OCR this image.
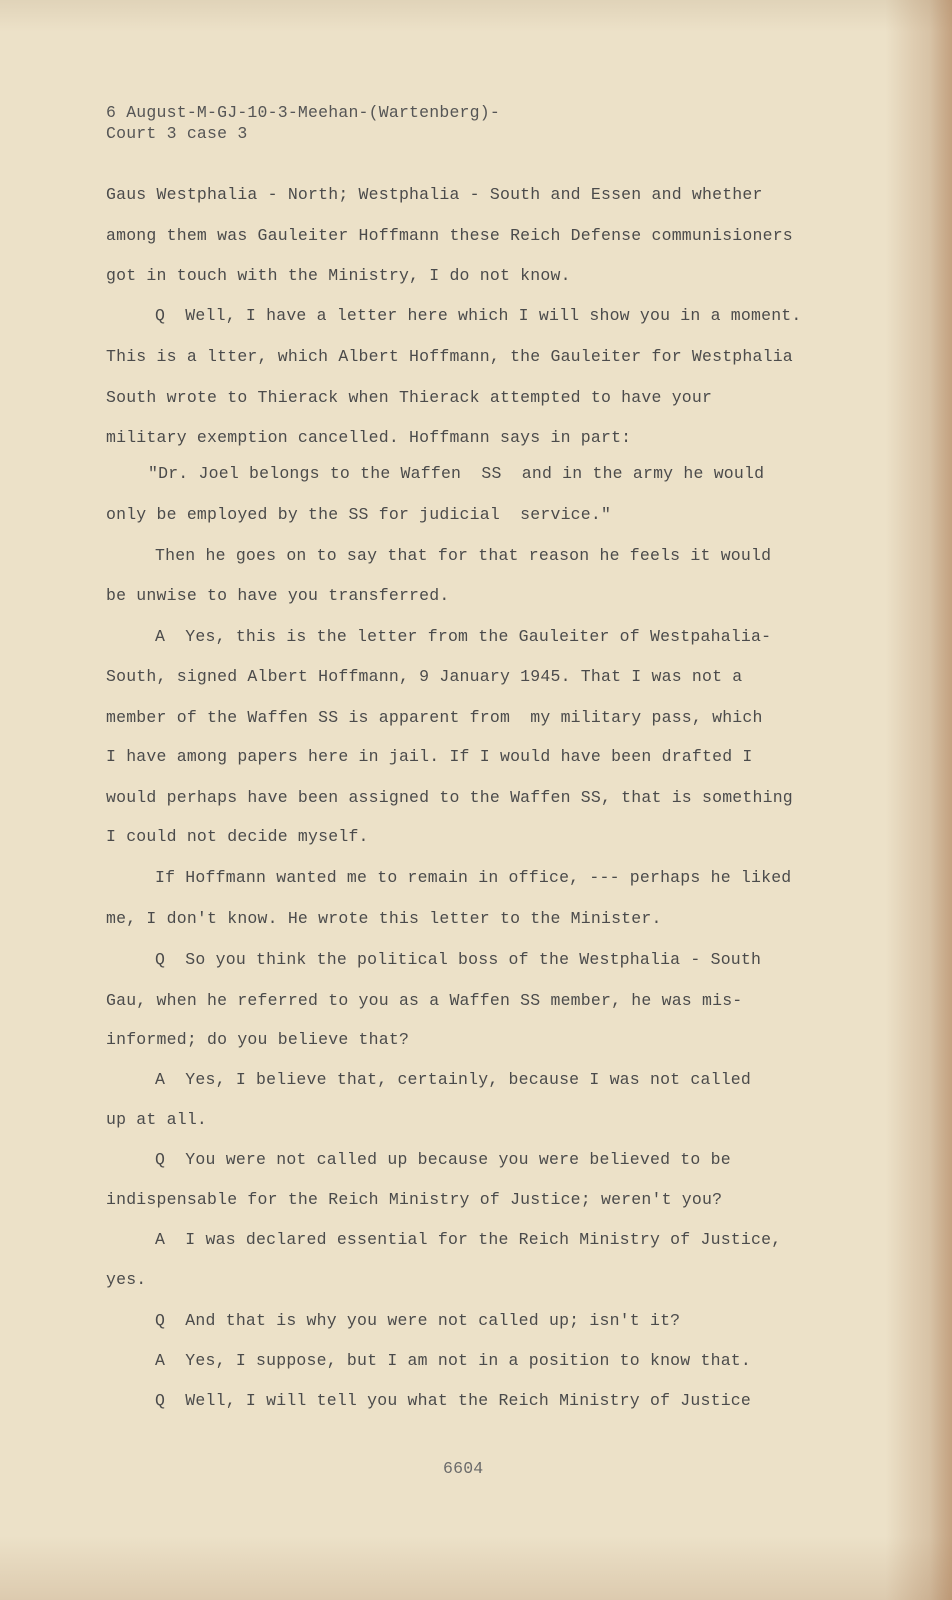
6 August-M-GJ-10-3-Meehan-(Wartenberg)-
Court 3 case 3
Gaus Westphalia - North; Westphalia - South and Essen and whether
among them was Gauleiter Hoffmann these Reich Defense communisioners
got in touch with the Ministry, I do not know.
Q  Well, I have a letter here which I will show you in a moment.
This is a ltter, which Albert Hoffmann, the Gauleiter for Westphalia
South wrote to Thierack when Thierack attempted to have your
military exemption cancelled. Hoffmann says in part:
"Dr. Joel belongs to the Waffen  SS  and in the army he would
only be employed by the SS for judicial  service."
Then he goes on to say that for that reason he feels it would
be unwise to have you transferred.
A  Yes, this is the letter from the Gauleiter of Westpahalia-
South, signed Albert Hoffmann, 9 January 1945. That I was not a
member of the Waffen SS is apparent from  my military pass, which
I have among papers here in jail. If I would have been drafted I
would perhaps have been assigned to the Waffen SS, that is something
I could not decide myself.
If Hoffmann wanted me to remain in office, --- perhaps he liked
me, I don't know. He wrote this letter to the Minister.
Q  So you think the political boss of the Westphalia - South
Gau, when he referred to you as a Waffen SS member, he was mis-
informed; do you believe that?
A  Yes, I believe that, certainly, because I was not called
up at all.
Q  You were not called up because you were believed to be
indispensable for the Reich Ministry of Justice; weren't you?
A  I was declared essential for the Reich Ministry of Justice,
yes.
Q  And that is why you were not called up; isn't it?
A  Yes, I suppose, but I am not in a position to know that.
Q  Well, I will tell you what the Reich Ministry of Justice
6604
